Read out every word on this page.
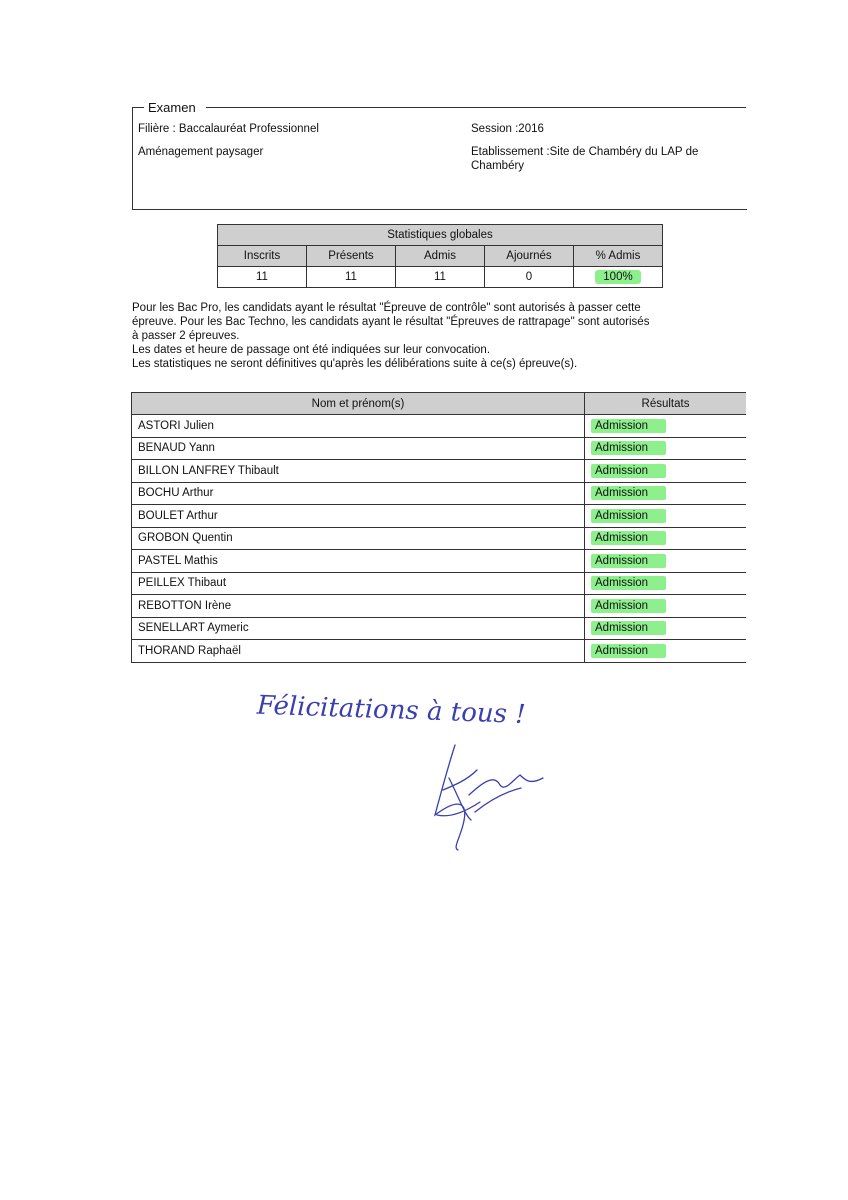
Examen
Filière : Baccalauréat Professionnel
Aménagement paysager
Session :2016
Etablissement :Site de Chambéry du LAP de Chambéry
Statistiques globales				
Inscrits	Présents	Admis	Ajournés	% Admis
11	11	11	0	100%

Pour les Bac Pro, les candidats ayant le résultat "Épreuve de contrôle" sont autorisés à passer cette épreuve. Pour les Bac Techno, les candidats ayant le résultat "Épreuves de rattrapage" sont autorisés à passer 2 épreuves.

Les dates et heure de passage ont été indiquées sur leur convocation.

Les statistiques ne seront définitives qu'après les délibérations suite à ce(s) épreuve(s).

Nom et prénom(s)	Résultats
ASTORI Julien	Admission
BENAUD Yann	Admission
BILLON LANFREY Thibault	Admission
BOCHU Arthur	Admission
BOULET Arthur	Admission
GROBON Quentin	Admission
PASTEL Mathis	Admission
PEILLEX Thibaut	Admission
REBOTTON Irène	Admission
SENELLART Aymeric	Admission
THORAND Raphaël	Admission
Félicitations à tous !
